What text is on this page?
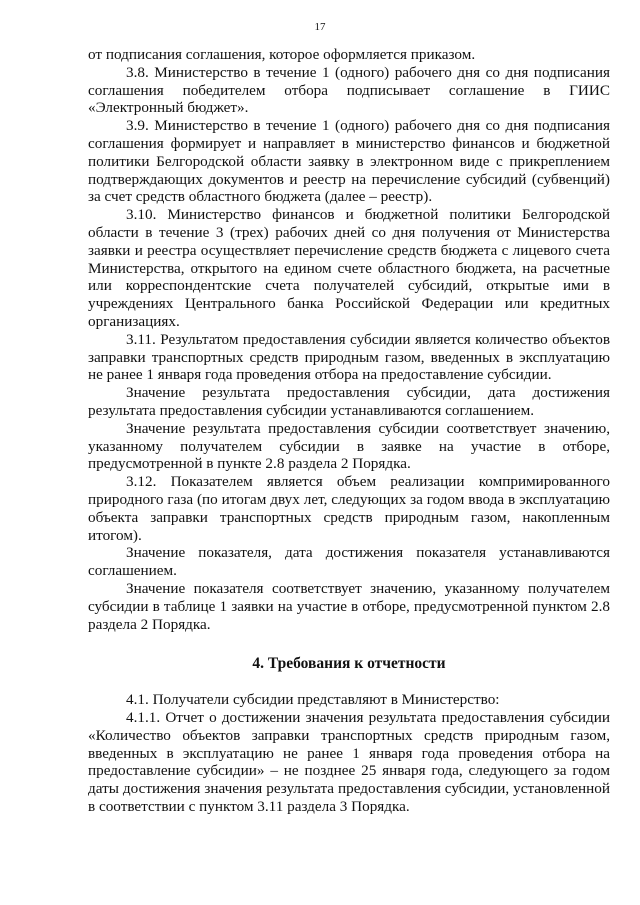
17

от подписания соглашения, которое оформляется приказом.

3.8. Министерство в течение 1 (одного) рабочего дня со дня подписания соглашения победителем отбора подписывает соглашение в ГИИС «Электронный бюджет».

3.9. Министерство в течение 1 (одного) рабочего дня со дня подписания соглашения формирует и направляет в министерство финансов и бюджетной политики Белгородской области заявку в электронном виде с прикреплением подтверждающих документов и реестр на перечисление субсидий (субвенций) за счет средств областного бюджета (далее – реестр).

3.10. Министерство финансов и бюджетной политики Белгородской области в течение 3 (трех) рабочих дней со дня получения от Министерства заявки и реестра осуществляет перечисление средств бюджета с лицевого счета Министерства, открытого на едином счете областного бюджета, на расчетные или корреспондентские счета получателей субсидий, открытые ими в учреждениях Центрального банка Российской Федерации или кредитных организациях.

3.11. Результатом предоставления субсидии является количество объектов заправки транспортных средств природным газом, введенных в эксплуатацию не ранее 1 января года проведения отбора на предоставление субсидии.

Значение результата предоставления субсидии, дата достижения результата предоставления субсидии устанавливаются соглашением.

Значение результата предоставления субсидии соответствует значению, указанному получателем субсидии в заявке на участие в отборе, предусмотренной в пункте 2.8 раздела 2 Порядка.

3.12. Показателем является объем реализации компримированного природного газа (по итогам двух лет, следующих за годом ввода в эксплуатацию объекта заправки транспортных средств природным газом, накопленным итогом).

Значение показателя, дата достижения показателя устанавливаются соглашением.

Значение показателя соответствует значению, указанному получателем субсидии в таблице 1 заявки на участие в отборе, предусмотренной пунктом 2.8 раздела 2 Порядка.

4. Требования к отчетности

4.1. Получатели субсидии представляют в Министерство:

4.1.1. Отчет о достижении значения результата предоставления субсидии «Количество объектов заправки транспортных средств природным газом, введенных в эксплуатацию не ранее 1 января года проведения отбора на предоставление субсидии» – не позднее 25 января года, следующего за годом даты достижения значения результата предоставления субсидии, установленной в соответствии с пунктом 3.11 раздела 3 Порядка.
